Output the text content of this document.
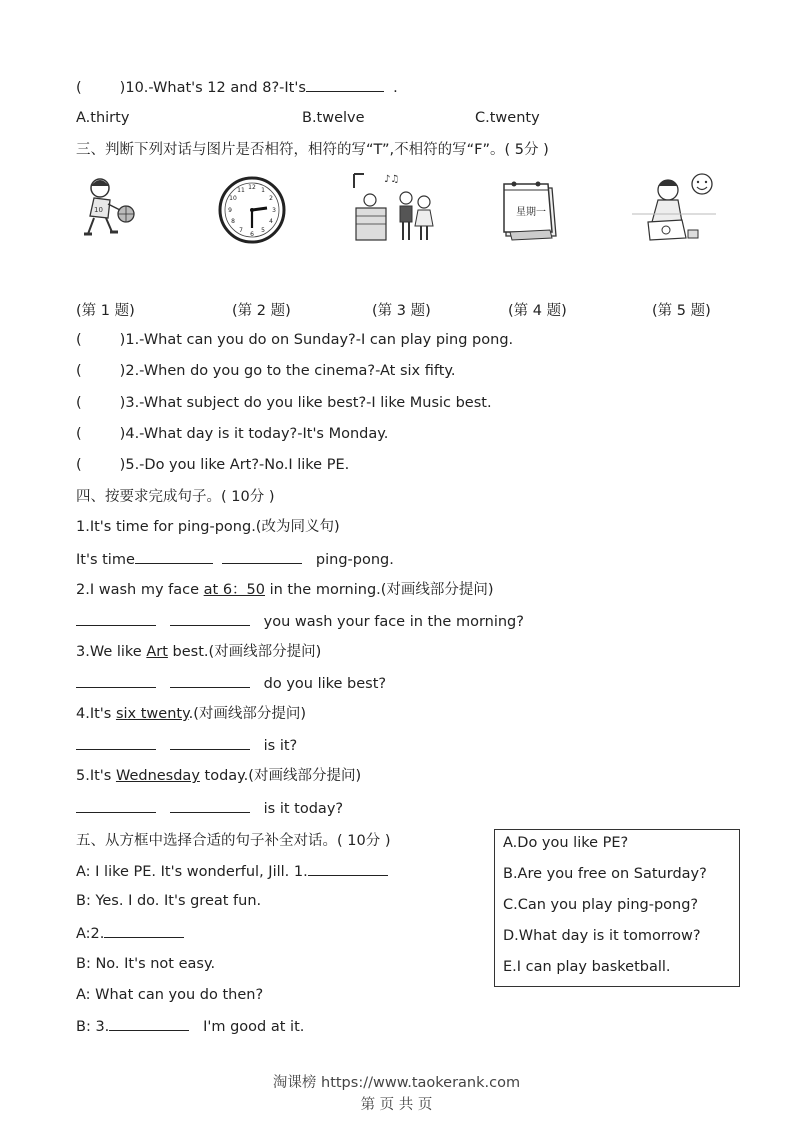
(	)10.-What's 12 and 8?-It's	.
A.thirty	B.twelve	C.twenty
三、判断下列对话与图片是否相符，相符的写“T”,不相符的写“F”。( 5分 )
10
12 1
2
3
4
5
6
7
8
9
10
11
♪♫
星期一
(第 1 题)	(第 2 题)	(第 3 题)	(第 4 题)	(第 5 题)
(	)1.-What can you do on Sunday?-I can play ping pong.
(	)2.-When do you go to the cinema?-At six fifty.
(	)3.-What subject do you like best?-I like Music best.
(	)4.-What day is it today?-It's Monday.
(	)5.-Do you like Art?-No.I like PE.
四、按要求完成句子。( 10分 )
1.It's time for ping-pong.(改为同义句)
It's time	ping-pong.
2.I wash my face at 6：50 in the morning.(对画线部分提问)
you wash your face in the morning?
3.We like Art best.(对画线部分提问)
do you like best?
4.It's six twenty.(对画线部分提问)
is it?
5.It's Wednesday today.(对画线部分提问)
is it today?
五、从方框中选择合适的句子补全对话。( 10分 )
A: I like PE. It's wonderful, Jill. 1.
B: Yes. I do. It's great fun.
A:2.
B: No. It's not easy.
A: What can you do then?
B: 3.	I'm good at it.
A.Do you like PE?
B.Are you free on Saturday?
C.Can you play ping-pong?
D.What day is it tomorrow?
E.I can play basketball.
淘课榜 https://www.taokerank.com
第 页 共 页
